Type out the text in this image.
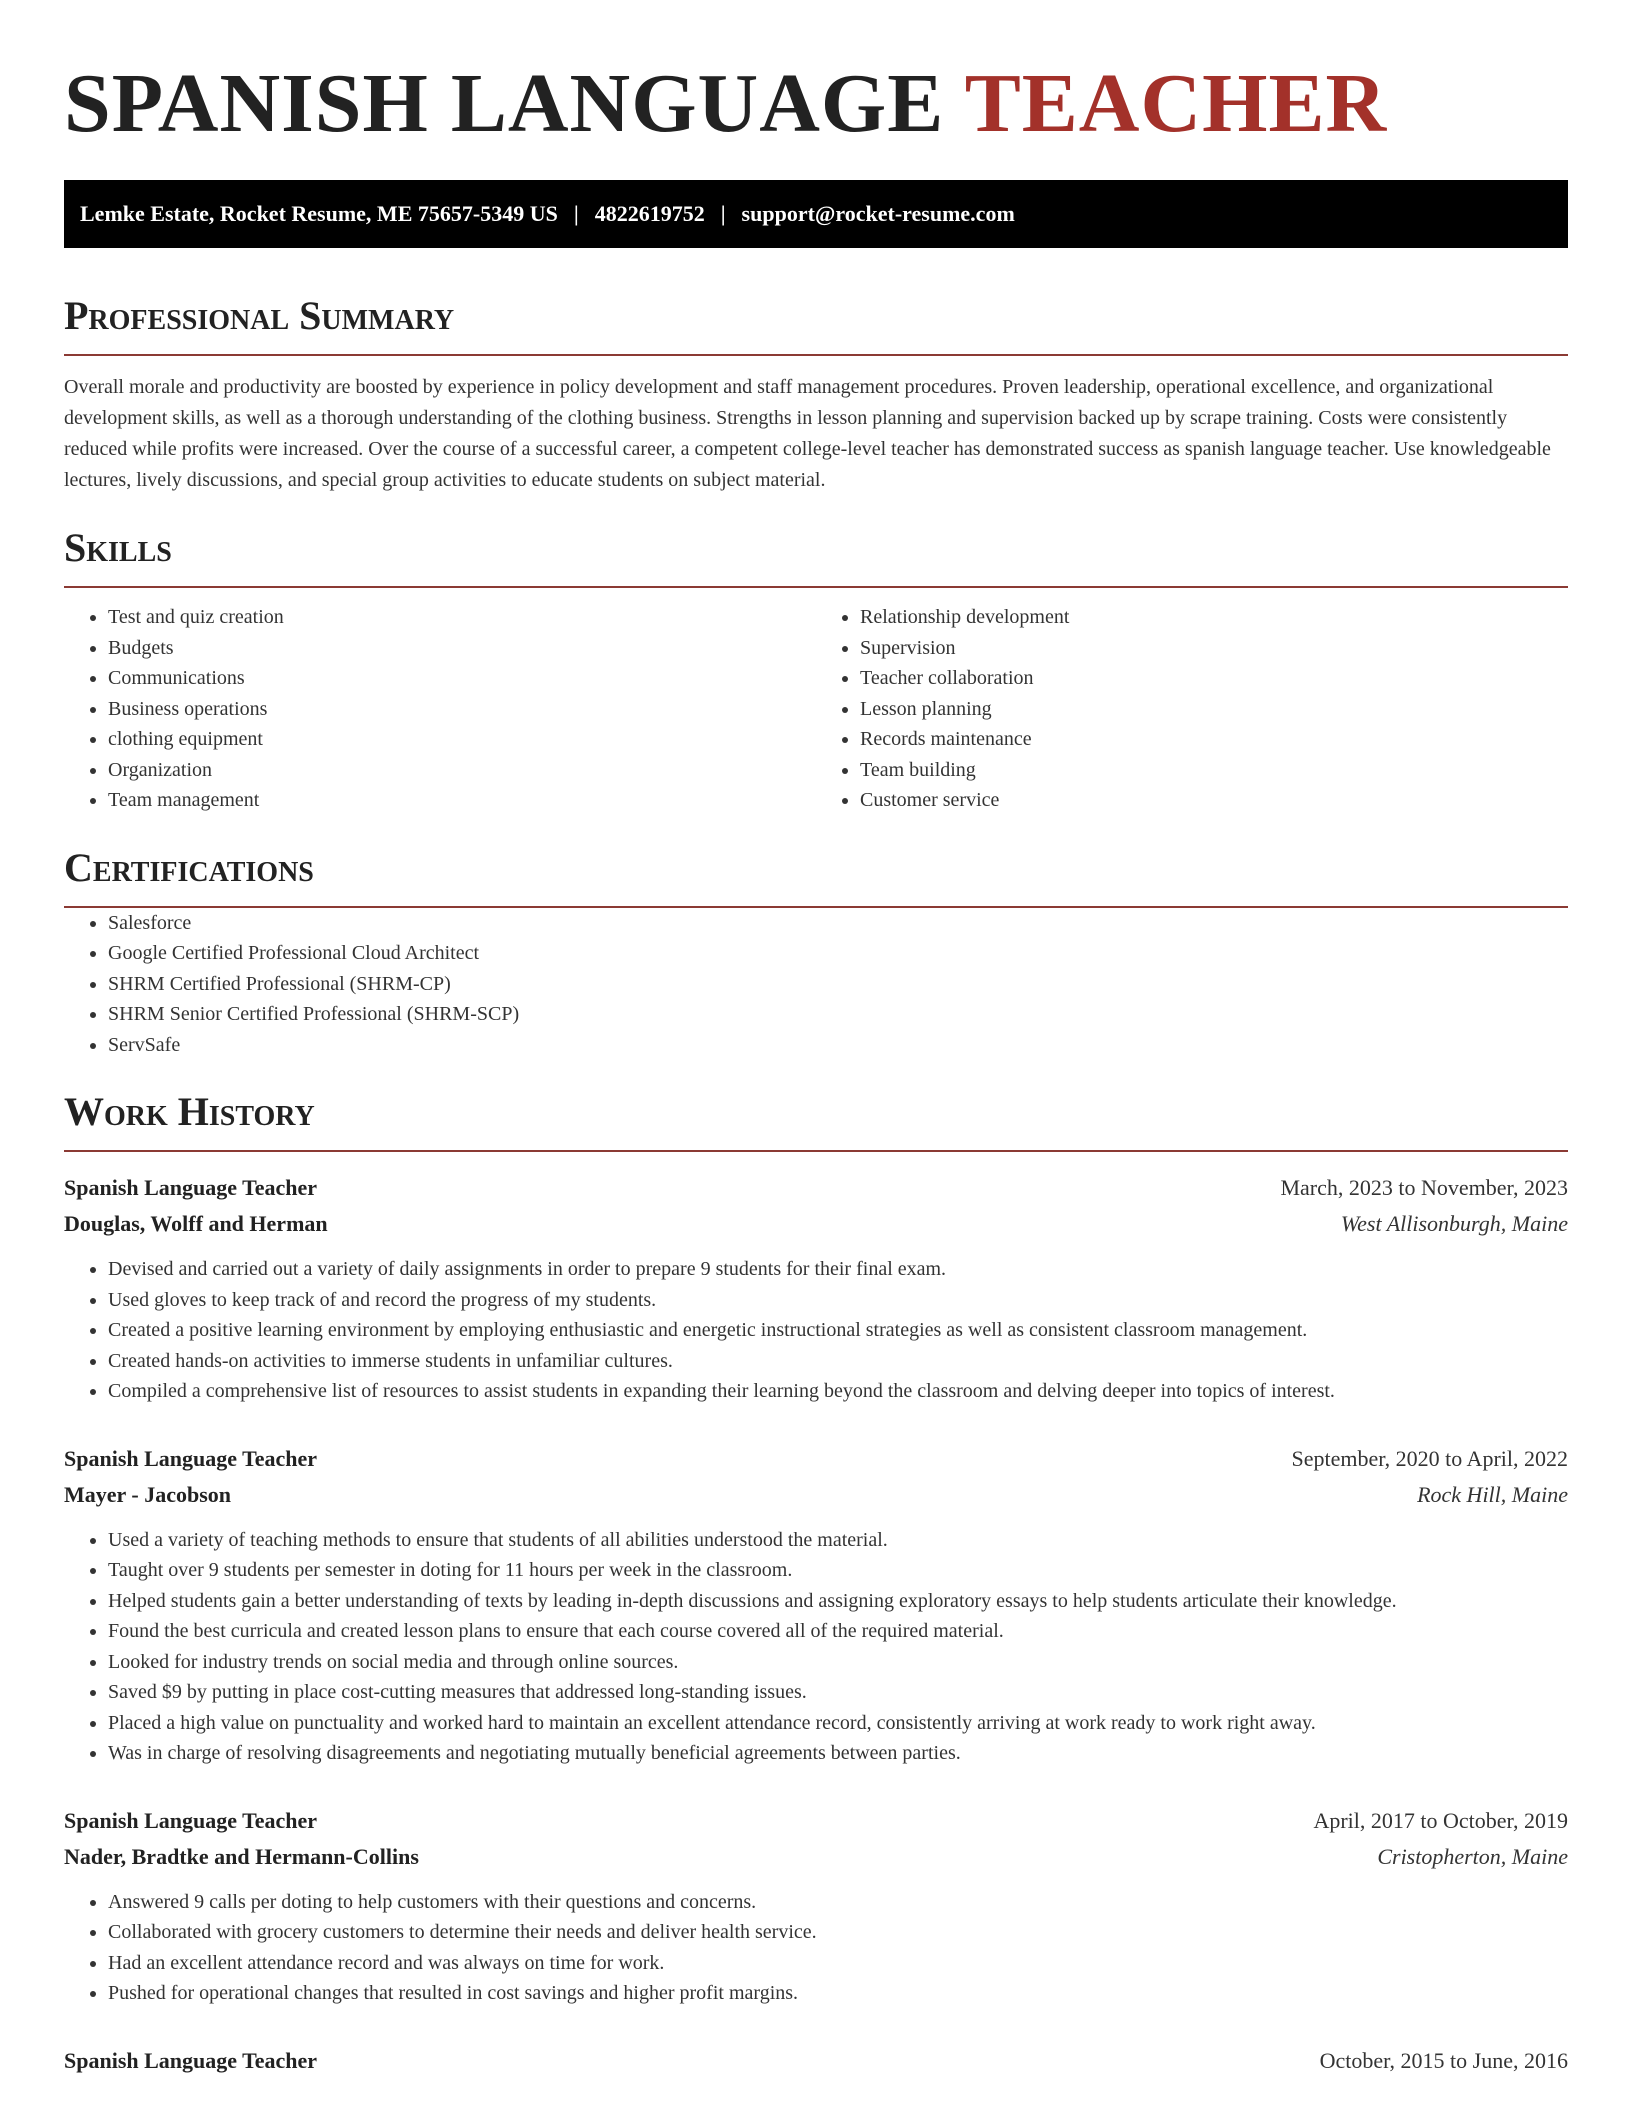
SPANISH LANGUAGE TEACHER
Lemke Estate, Rocket Resume, ME 75657-5349 US | 4822619752 | support@rocket-resume.com
Professional Summary

Overall morale and productivity are boosted by experience in policy development and staff management procedures. Proven leadership, operational excellence, and organizational development skills, as well as a thorough understanding of the clothing business. Strengths in lesson planning and supervision backed up by scrape training. Costs were consistently reduced while profits were increased. Over the course of a successful career, a competent college-level teacher has demonstrated success as spanish language teacher. Use knowledgeable lectures, lively discussions, and special group activities to educate students on subject material.

Skills
• Test and quiz creation
• Budgets
• Communications
• Business operations
• clothing equipment
• Organization
• Team management
• Relationship development
• Supervision
• Teacher collaboration
• Lesson planning
• Records maintenance
• Team building
• Customer service
Certifications
• Salesforce
• Google Certified Professional Cloud Architect
• SHRM Certified Professional (SHRM-CP)
• SHRM Senior Certified Professional (SHRM-SCP)
• ServSafe
Work History
Spanish Language Teacher	March, 2023 to November, 2023
Douglas, Wolff and Herman	West Allisonburgh, Maine
• Devised and carried out a variety of daily assignments in order to prepare 9 students for their final exam.
• Used gloves to keep track of and record the progress of my students.
• Created a positive learning environment by employing enthusiastic and energetic instructional strategies as well as consistent classroom management.
• Created hands-on activities to immerse students in unfamiliar cultures.
• Compiled a comprehensive list of resources to assist students in expanding their learning beyond the classroom and delving deeper into topics of interest.
Spanish Language Teacher	September, 2020 to April, 2022
Mayer - Jacobson	Rock Hill, Maine
• Used a variety of teaching methods to ensure that students of all abilities understood the material.
• Taught over 9 students per semester in doting for 11 hours per week in the classroom.
• Helped students gain a better understanding of texts by leading in-depth discussions and assigning exploratory essays to help students articulate their knowledge.
• Found the best curricula and created lesson plans to ensure that each course covered all of the required material.
• Looked for industry trends on social media and through online sources.
• Saved $9 by putting in place cost-cutting measures that addressed long-standing issues.
• Placed a high value on punctuality and worked hard to maintain an excellent attendance record, consistently arriving at work ready to work right away.
• Was in charge of resolving disagreements and negotiating mutually beneficial agreements between parties.
Spanish Language Teacher	April, 2017 to October, 2019
Nader, Bradtke and Hermann-Collins	Cristopherton, Maine
• Answered 9 calls per doting to help customers with their questions and concerns.
• Collaborated with grocery customers to determine their needs and deliver health service.
• Had an excellent attendance record and was always on time for work.
• Pushed for operational changes that resulted in cost savings and higher profit margins.
Spanish Language Teacher	October, 2015 to June, 2016
